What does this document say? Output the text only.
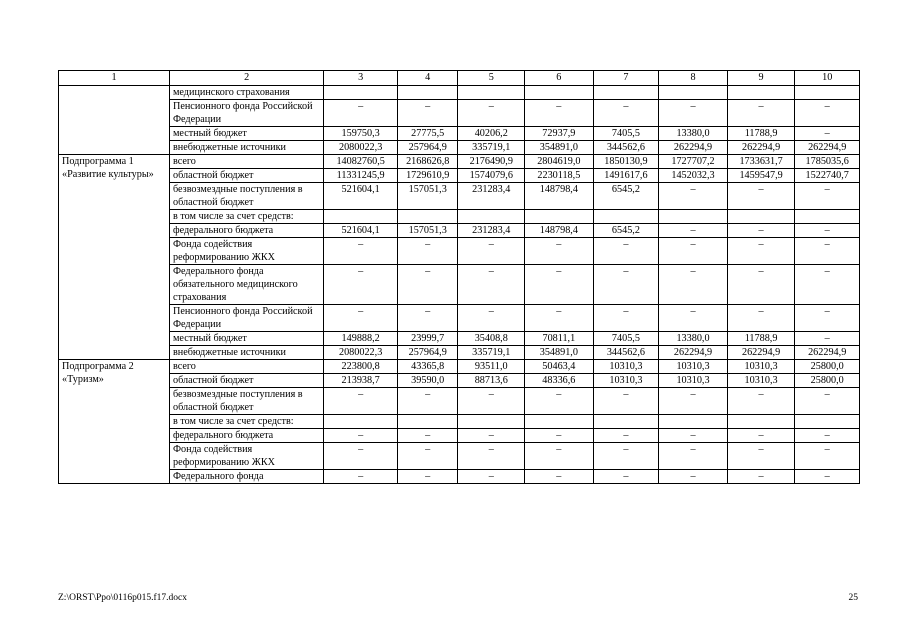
1	2	3	4	5	6	7	8	9	10
	медицинского страхования								
	Пенсионного фонда Российской Федерации	–	–	–	–	–	–	–	–
	местный бюджет	159750,3	27775,5	40206,2	72937,9	7405,5	13380,0	11788,9	–
	внебюджетные источники	2080022,3	257964,9	335719,1	354891,0	344562,6	262294,9	262294,9	262294,9
Подпрограмма 1 «Развитие культуры»	всего	14082760,5	2168626,8	2176490,9	2804619,0	1850130,9	1727707,2	1733631,7	1785035,6
	областной бюджет	11331245,9	1729610,9	1574079,6	2230118,5	1491617,6	1452032,3	1459547,9	1522740,7
	безвозмездные поступления в областной бюджет	521604,1	157051,3	231283,4	148798,4	6545,2	–	–	–
	в том числе за счет средств:								
	федерального бюджета	521604,1	157051,3	231283,4	148798,4	6545,2	–	–	–
	Фонда содействия реформированию ЖКХ	–	–	–	–	–	–	–	–
	Федерального фонда обязательного медицинского страхования	–	–	–	–	–	–	–	–
	Пенсионного фонда Российской Федерации	–	–	–	–	–	–	–	–
	местный бюджет	149888,2	23999,7	35408,8	70811,1	7405,5	13380,0	11788,9	–
	внебюджетные источники	2080022,3	257964,9	335719,1	354891,0	344562,6	262294,9	262294,9	262294,9
Подпрограмма 2 «Туризм»	всего	223800,8	43365,8	93511,0	50463,4	10310,3	10310,3	10310,3	25800,0
	областной бюджет	213938,7	39590,0	88713,6	48336,6	10310,3	10310,3	10310,3	25800,0
	безвозмездные поступления в областной бюджет	–	–	–	–	–	–	–	–
	в том числе за счет средств:								
	федерального бюджета	–	–	–	–	–	–	–	–
	Фонда содействия реформированию ЖКХ	–	–	–	–	–	–	–	–
	Федерального фонда	–	–	–	–	–	–	–	–
Z:\ORST\Ppo\0116p015.f17.docx	25
